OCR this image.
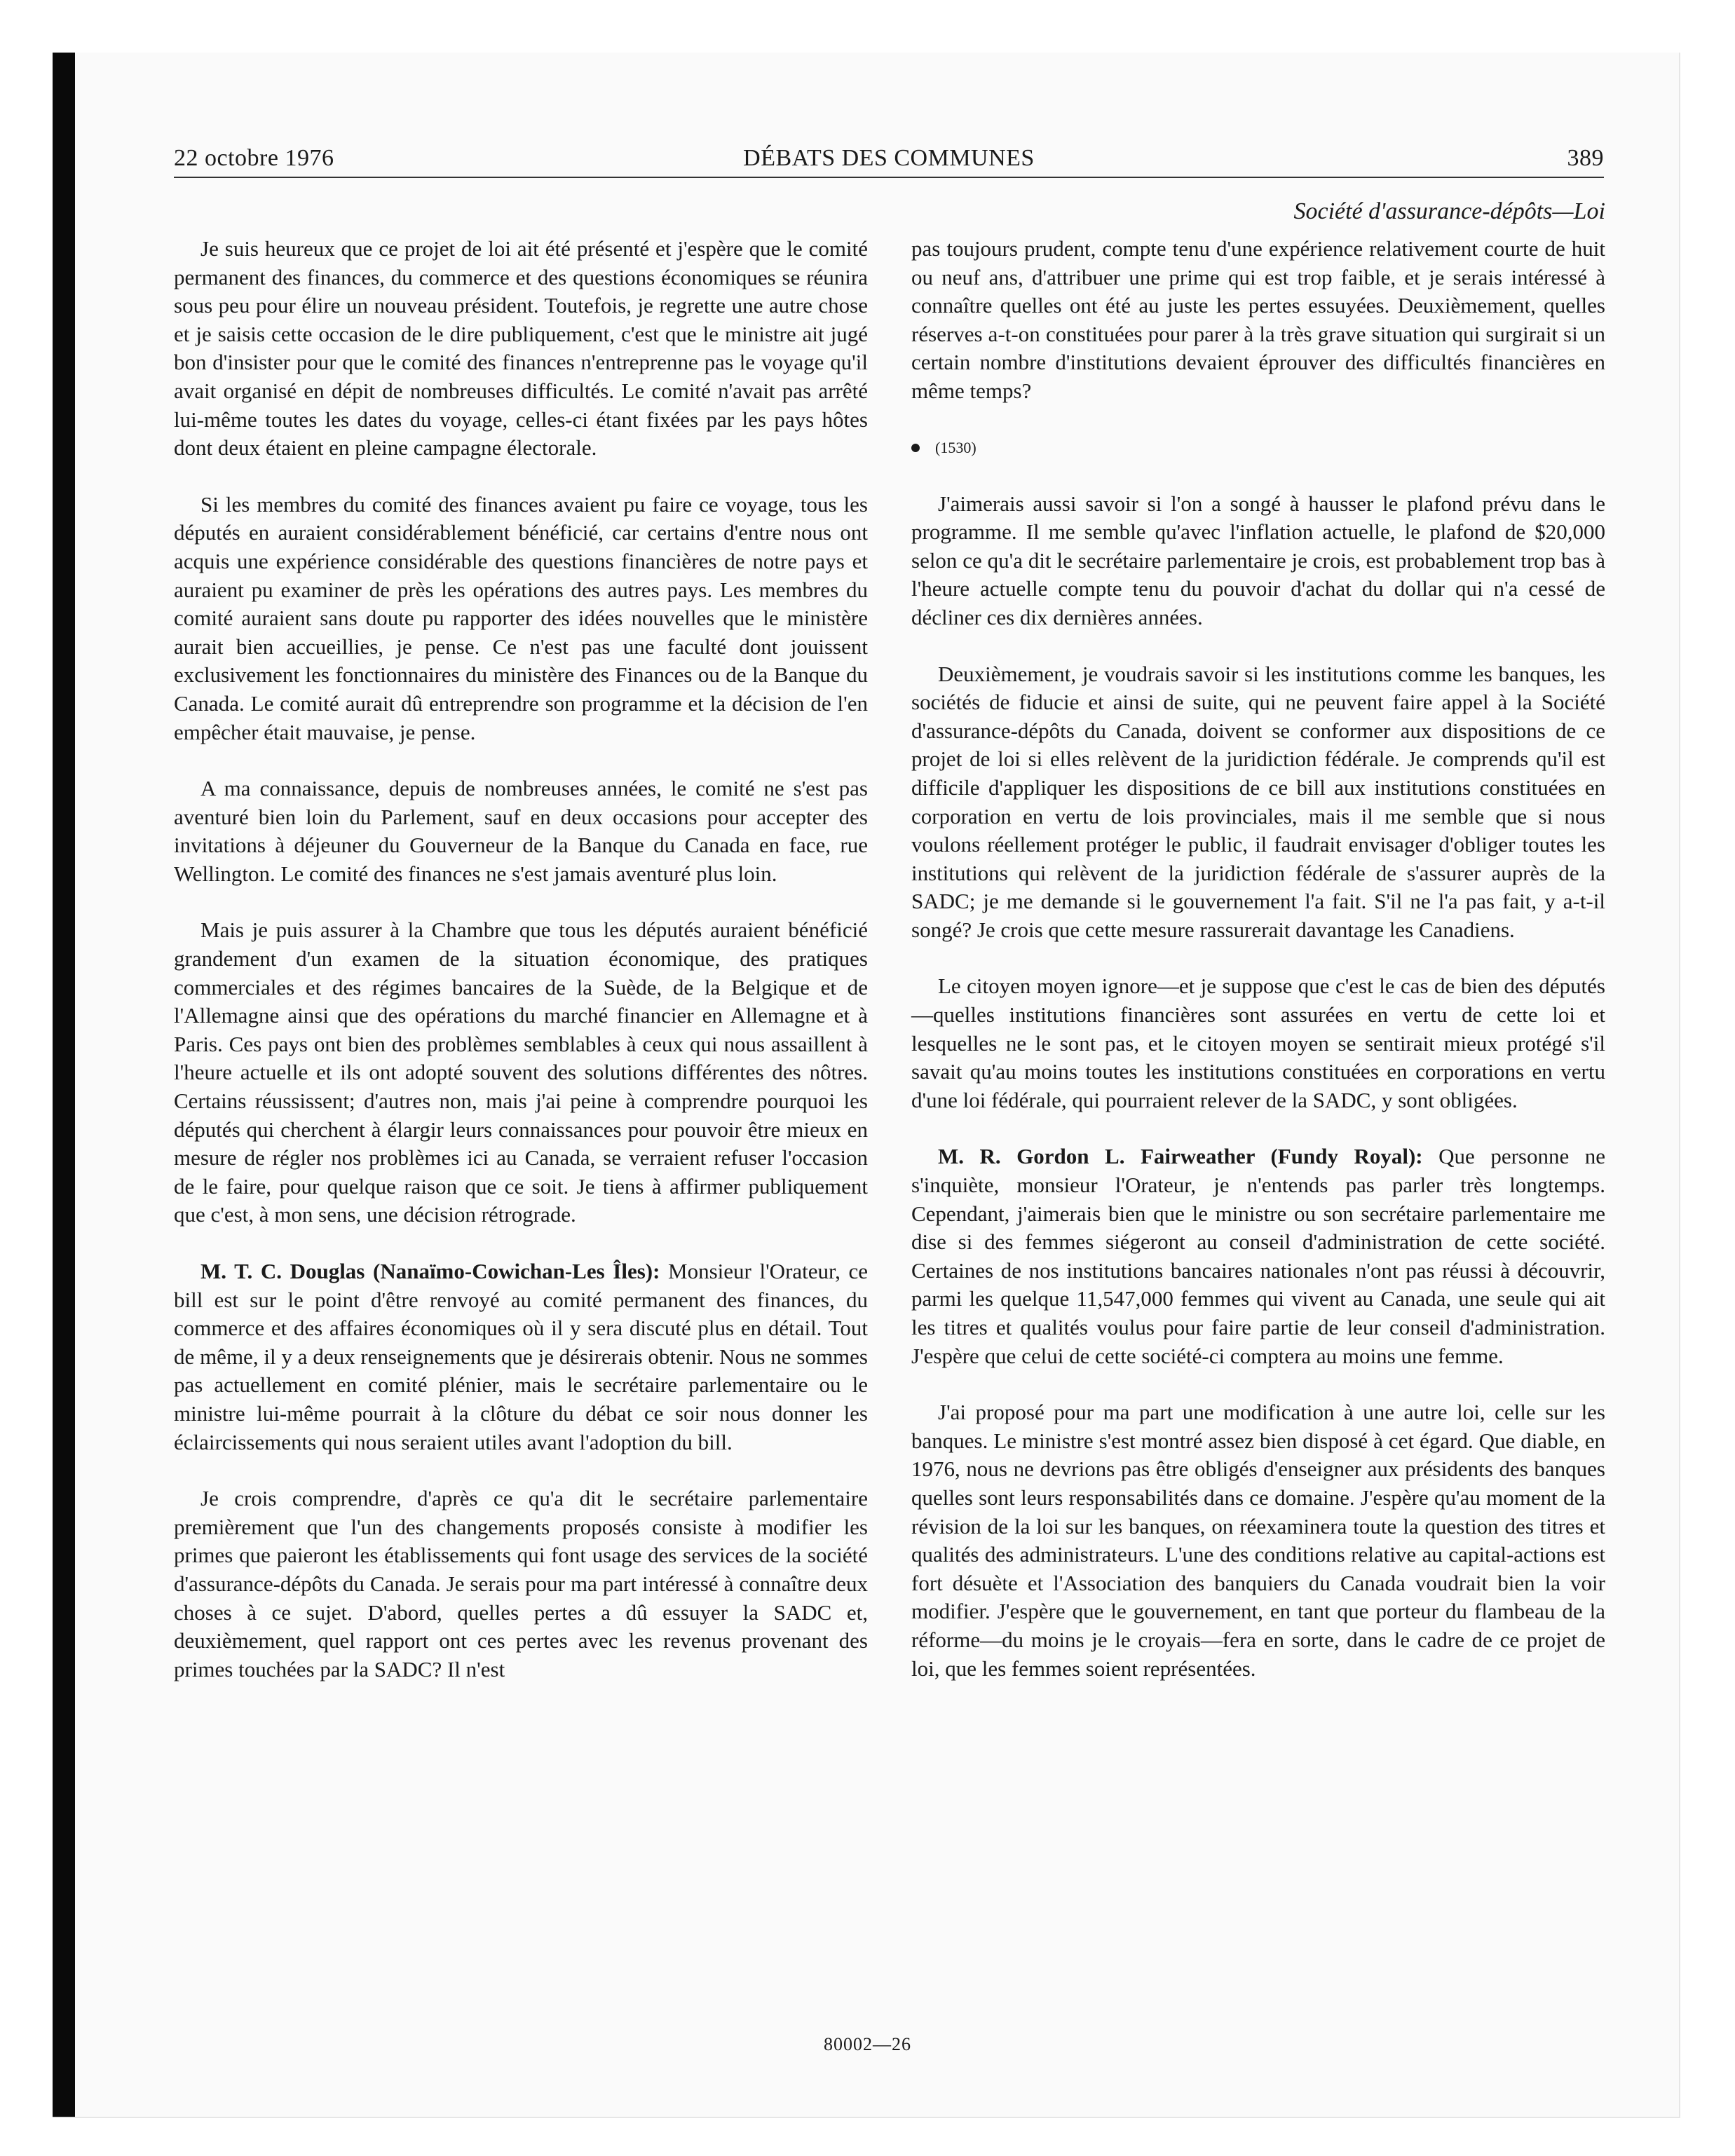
22 octobre 1976	DÉBATS DES COMMUNES	389
Société d'assurance-dépôts—Loi

Je suis heureux que ce projet de loi ait été présenté et j'espère que le comité permanent des finances, du commerce et des questions économiques se réunira sous peu pour élire un nouveau président. Toutefois, je regrette une autre chose et je saisis cette occasion de le dire publiquement, c'est que le ministre ait jugé bon d'insister pour que le comité des finances n'entreprenne pas le voyage qu'il avait organisé en dépit de nombreuses difficultés. Le comité n'avait pas arrêté lui-même toutes les dates du voyage, celles-ci étant fixées par les pays hôtes dont deux étaient en pleine campagne électorale.

Si les membres du comité des finances avaient pu faire ce voyage, tous les députés en auraient considérablement bénéficié, car certains d'entre nous ont acquis une expérience considérable des questions financières de notre pays et auraient pu examiner de près les opérations des autres pays. Les membres du comité auraient sans doute pu rapporter des idées nouvelles que le ministère aurait bien accueillies, je pense. Ce n'est pas une faculté dont jouissent exclusivement les fonctionnaires du ministère des Finances ou de la Banque du Canada. Le comité aurait dû entreprendre son programme et la décision de l'en empêcher était mauvaise, je pense.

A ma connaissance, depuis de nombreuses années, le comité ne s'est pas aventuré bien loin du Parlement, sauf en deux occasions pour accepter des invitations à déjeuner du Gouverneur de la Banque du Canada en face, rue Wellington. Le comité des finances ne s'est jamais aventuré plus loin.

Mais je puis assurer à la Chambre que tous les députés auraient bénéficié grandement d'un examen de la situation économique, des pratiques commerciales et des régimes bancaires de la Suède, de la Belgique et de l'Allemagne ainsi que des opérations du marché financier en Allemagne et à Paris. Ces pays ont bien des problèmes semblables à ceux qui nous assaillent à l'heure actuelle et ils ont adopté souvent des solutions différentes des nôtres. Certains réussissent; d'autres non, mais j'ai peine à comprendre pourquoi les députés qui cherchent à élargir leurs connaissances pour pouvoir être mieux en mesure de régler nos problèmes ici au Canada, se verraient refuser l'occasion de le faire, pour quelque raison que ce soit. Je tiens à affirmer publiquement que c'est, à mon sens, une décision rétrograde.

M. T. C. Douglas (Nanaïmo-Cowichan-Les Îles): Monsieur l'Orateur, ce bill est sur le point d'être renvoyé au comité permanent des finances, du commerce et des affaires économiques où il y sera discuté plus en détail. Tout de même, il y a deux renseignements que je désirerais obtenir. Nous ne sommes pas actuellement en comité plénier, mais le secrétaire parlementaire ou le ministre lui-même pourrait à la clôture du débat ce soir nous donner les éclaircissements qui nous seraient utiles avant l'adoption du bill.

Je crois comprendre, d'après ce qu'a dit le secrétaire parlementaire premièrement que l'un des changements proposés consiste à modifier les primes que paieront les établissements qui font usage des services de la société d'assurance-dépôts du Canada. Je serais pour ma part intéressé à connaître deux choses à ce sujet. D'abord, quelles pertes a dû essuyer la SADC et, deuxièmement, quel rapport ont ces pertes avec les revenus provenant des primes touchées par la SADC? Il n'est

pas toujours prudent, compte tenu d'une expérience relativement courte de huit ou neuf ans, d'attribuer une prime qui est trop faible, et je serais intéressé à connaître quelles ont été au juste les pertes essuyées. Deuxièmement, quelles réserves a-t-on constituées pour parer à la très grave situation qui surgirait si un certain nombre d'institutions devaient éprouver des difficultés financières en même temps?

(1530)

J'aimerais aussi savoir si l'on a songé à hausser le plafond prévu dans le programme. Il me semble qu'avec l'inflation actuelle, le plafond de $20,000 selon ce qu'a dit le secrétaire parlementaire je crois, est probablement trop bas à l'heure actuelle compte tenu du pouvoir d'achat du dollar qui n'a cessé de décliner ces dix dernières années.

Deuxièmement, je voudrais savoir si les institutions comme les banques, les sociétés de fiducie et ainsi de suite, qui ne peuvent faire appel à la Société d'assurance-dépôts du Canada, doivent se conformer aux dispositions de ce projet de loi si elles relèvent de la juridiction fédérale. Je comprends qu'il est difficile d'appliquer les dispositions de ce bill aux institutions constituées en corporation en vertu de lois provinciales, mais il me semble que si nous voulons réellement protéger le public, il faudrait envisager d'obliger toutes les institutions qui relèvent de la juridiction fédérale de s'assurer auprès de la SADC; je me demande si le gouvernement l'a fait. S'il ne l'a pas fait, y a-t-il songé? Je crois que cette mesure rassurerait davantage les Canadiens.

Le citoyen moyen ignore—et je suppose que c'est le cas de bien des députés—quelles institutions financières sont assurées en vertu de cette loi et lesquelles ne le sont pas, et le citoyen moyen se sentirait mieux protégé s'il savait qu'au moins toutes les institutions constituées en corporations en vertu d'une loi fédérale, qui pourraient relever de la SADC, y sont obligées.

M. R. Gordon L. Fairweather (Fundy Royal): Que personne ne s'inquiète, monsieur l'Orateur, je n'entends pas parler très longtemps. Cependant, j'aimerais bien que le ministre ou son secrétaire parlementaire me dise si des femmes siégeront au conseil d'administration de cette société. Certaines de nos institutions bancaires nationales n'ont pas réussi à découvrir, parmi les quelque 11,547,000 femmes qui vivent au Canada, une seule qui ait les titres et qualités voulus pour faire partie de leur conseil d'administration. J'espère que celui de cette société-ci comptera au moins une femme.

J'ai proposé pour ma part une modification à une autre loi, celle sur les banques. Le ministre s'est montré assez bien disposé à cet égard. Que diable, en 1976, nous ne devrions pas être obligés d'enseigner aux présidents des banques quelles sont leurs responsabilités dans ce domaine. J'espère qu'au moment de la révision de la loi sur les banques, on réexaminera toute la question des titres et qualités des administrateurs. L'une des conditions relative au capital-actions est fort désuète et l'Association des banquiers du Canada voudrait bien la voir modifier. J'espère que le gouvernement, en tant que porteur du flambeau de la réforme—du moins je le croyais—fera en sorte, dans le cadre de ce projet de loi, que les femmes soient représentées.

80002—26
